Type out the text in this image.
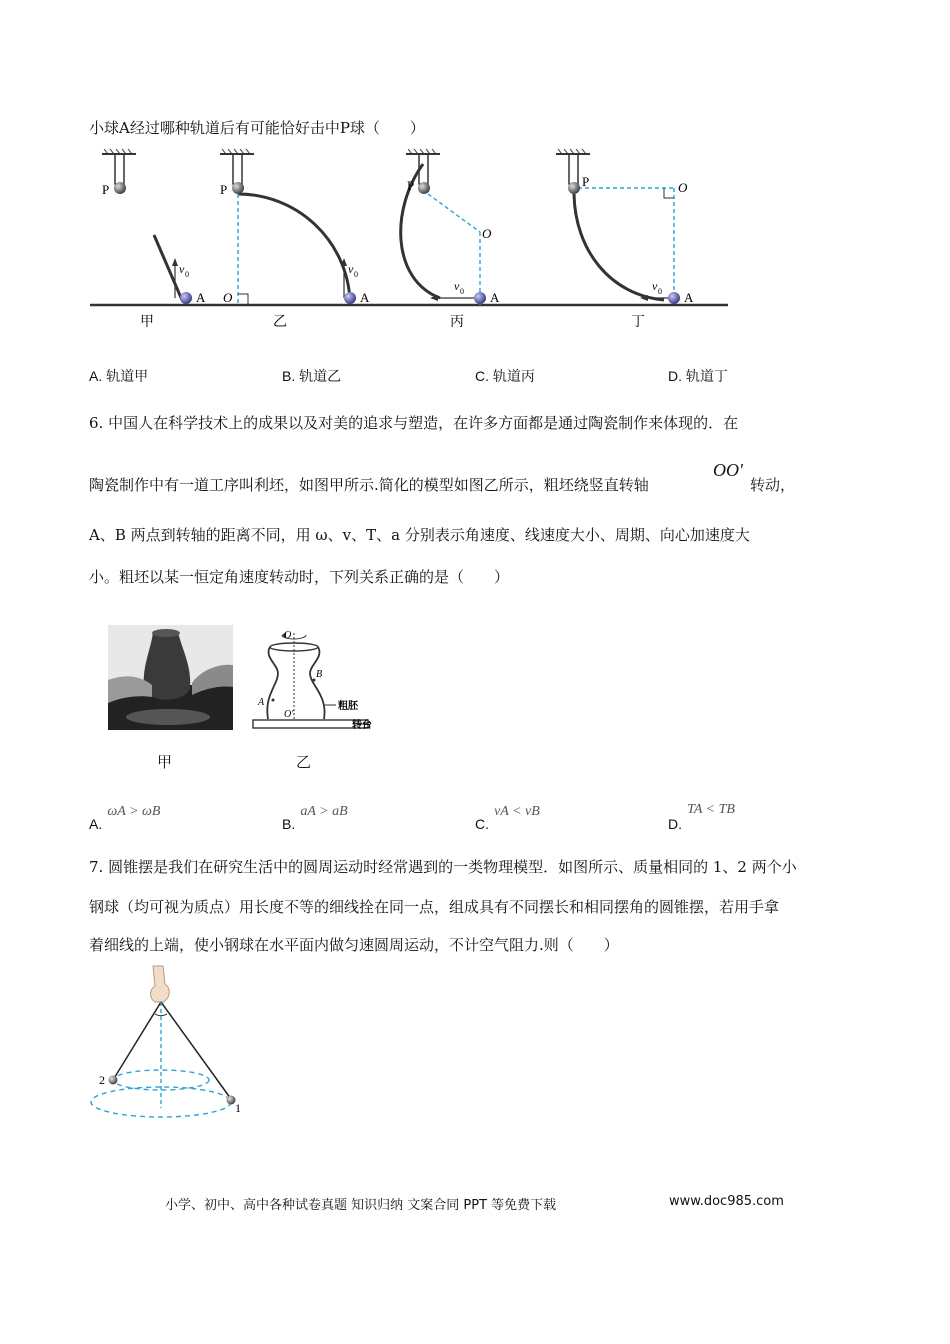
小球A经过哪种轨道后有可能恰好击中P球（　　）
P	P	P	P
A	A	A	A
O
O
O
v 0	v 0
v 0	v 0
甲	乙	丙	丁
A. 轨道甲	B. 轨道乙	C. 轨道丙	D. 轨道丁
6. 中国人在科学技术上的成果以及对美的追求与塑造，在许多方面都是通过陶瓷制作来体现的．在
陶瓷制作中有一道工序叫利坯，如图甲所示.简化的模型如图乙所示，粗坯绕竖直转轴
OO′
转动，
A、B 两点到转轴的距离不同，用 ω、v、T、a 分别表示角速度、线速度大小、周期、向心加速度大
小。粗坯以某一恒定角速度转动时，下列关系正确的是（　　）
O
O′
A
B
粗胚
转台
甲	乙
A. ωA > ωB
B. aA > aB
C. vA < vB
D. TA < TB
7. 圆锥摆是我们在研究生活中的圆周运动时经常遇到的一类物理模型．如图所示、质量相同的 1、2 两个小
钢球（均可视为质点）用长度不等的细线拴在同一点，组成具有不同摆长和相同摆角的圆锥摆，若用手拿
着细线的上端，使小钢球在水平面内做匀速圆周运动，不计空气阻力.则（　　）
2
1
小学、初中、高中各种试卷真题 知识归纳 文案合同 PPT 等免费下载	www.doc985.com
